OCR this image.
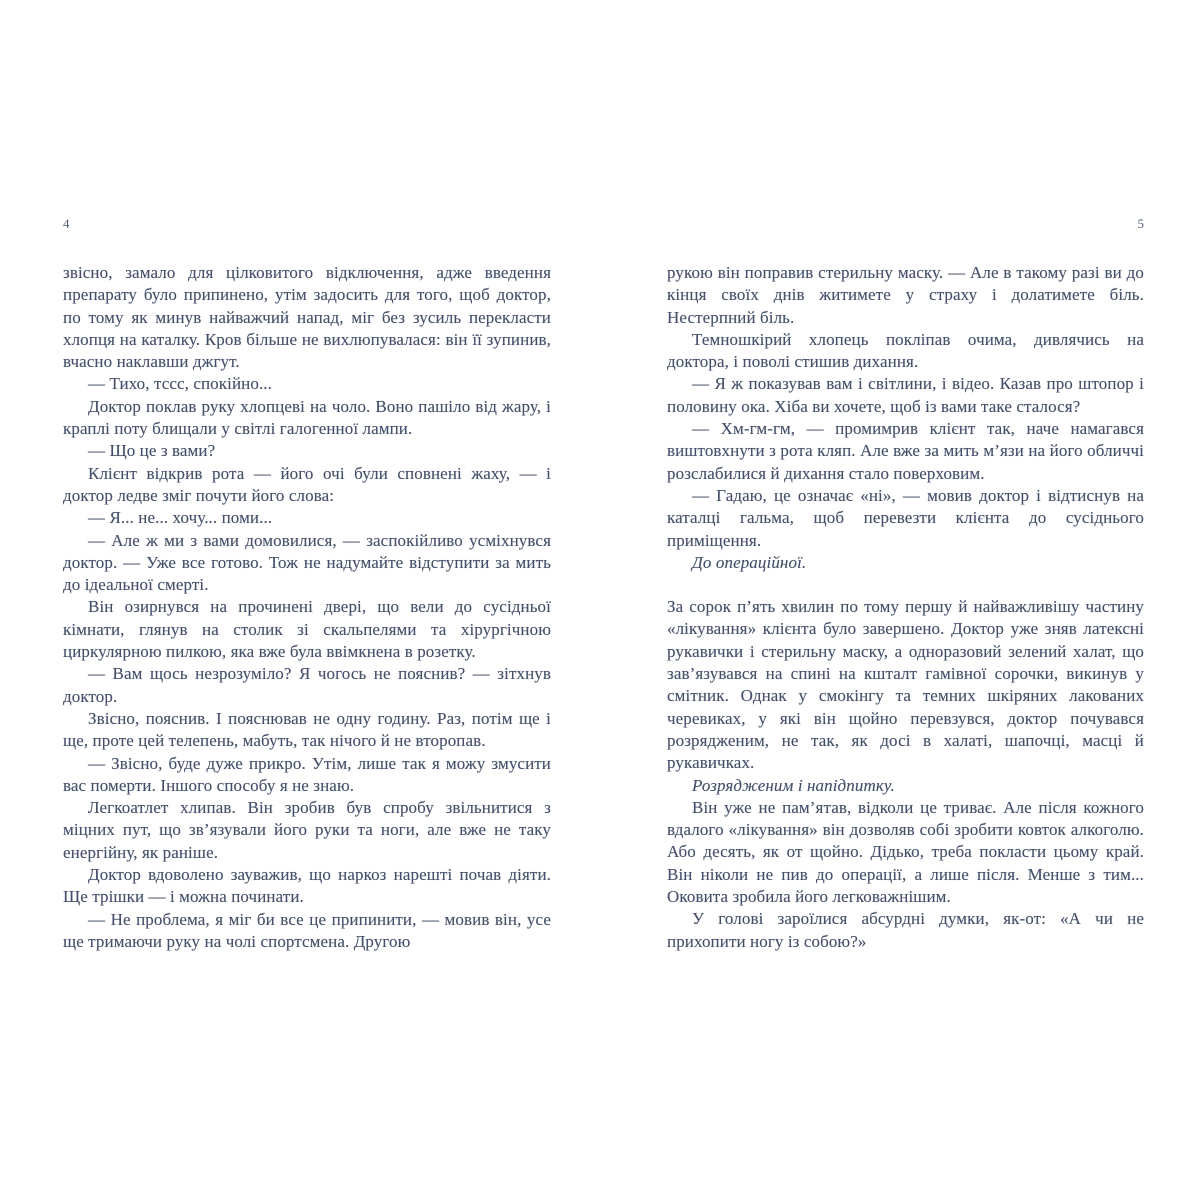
4

звісно, замало для цілковитого відключення, адже введення препарату було припинено, утім задосить для того, щоб доктор, по тому як минув найважчий напад, міг без зусиль перекласти хлопця на каталку. Кров більше не вихлюпувалася: він її зупинив, вчасно наклавши джгут.

— Тихо, тссс, спокійно...

Доктор поклав руку хлопцеві на чоло. Воно пашіло від жару, і краплі поту блищали у світлі галогенної лампи.

— Що це з вами?

Клієнт відкрив рота — його очі були сповнені жаху, — і доктор ледве зміг почути його слова:

— Я... не... хочу... поми...

— Але ж ми з вами домовилися, — заспокійливо усміхнувся доктор. — Уже все готово. Тож не надумайте відступити за мить до ідеальної смерті.

Він озирнувся на прочинені двері, що вели до сусідньої кімнати, глянув на столик зі скальпелями та хірургічною циркулярною пилкою, яка вже була ввімкнена в розетку.

— Вам щось незрозуміло? Я чогось не пояснив? — зітхнув доктор.

Звісно, пояснив. І пояснював не одну годину. Раз, потім ще і ще, проте цей телепень, мабуть, так нічого й не второпав.

— Звісно, буде дуже прикро. Утім, лише так я можу змусити вас померти. Іншого способу я не знаю.

Легкоатлет хлипав. Він зробив був спробу звільнитися з міцних пут, що зв’язували його руки та ноги, але вже не таку енергійну, як раніше.

Доктор вдоволено зауважив, що наркоз нарешті почав діяти. Ще трішки — і можна починати.

— Не проблема, я міг би все це припинити, — мовив він, усе ще тримаючи руку на чолі спортсмена. Другою

5

рукою він поправив стерильну маску. — Але в такому разі ви до кінця своїх днів житимете у страху і долатимете біль. Нестерпний біль.

Темношкірий хлопець покліпав очима, дивлячись на доктора, і поволі стишив дихання.

— Я ж показував вам і світлини, і відео. Казав про штопор і половину ока. Хіба ви хочете, щоб із вами таке сталося?

— Хм-гм-гм, — промимрив клієнт так, наче намагався виштовхнути з рота кляп. Але вже за мить м’язи на його обличчі розслабилися й дихання стало поверховим.

— Гадаю, це означає «ні», — мовив доктор і відтиснув на каталці гальма, щоб перевезти клієнта до сусіднього приміщення.

До операційної.

За сорок п’ять хвилин по тому першу й найважливішу частину «лікування» клієнта було завершено. Доктор уже зняв латексні рукавички і стерильну маску, а одноразовий зелений халат, що зав’язувався на спині на кшталт гамівної сорочки, викинув у смітник. Однак у смокінгу та темних шкіряних лакованих черевиках, у які він щойно перевзувся, доктор почувався розрядженим, не так, як досі в халаті, шапочці, масці й рукавичках.

Розрядженим і напідпитку.

Він уже не пам’ятав, відколи це триває. Але після кожного вдалого «лікування» він дозволяв собі зробити ковток алкоголю. Або десять, як от щойно. Дідько, треба покласти цьому край. Він ніколи не пив до операції, а лише після. Менше з тим... Оковита зробила його легковажнішим.

У голові зароїлися абсурдні думки, як-от: «А чи не прихопити ногу із собою?»
